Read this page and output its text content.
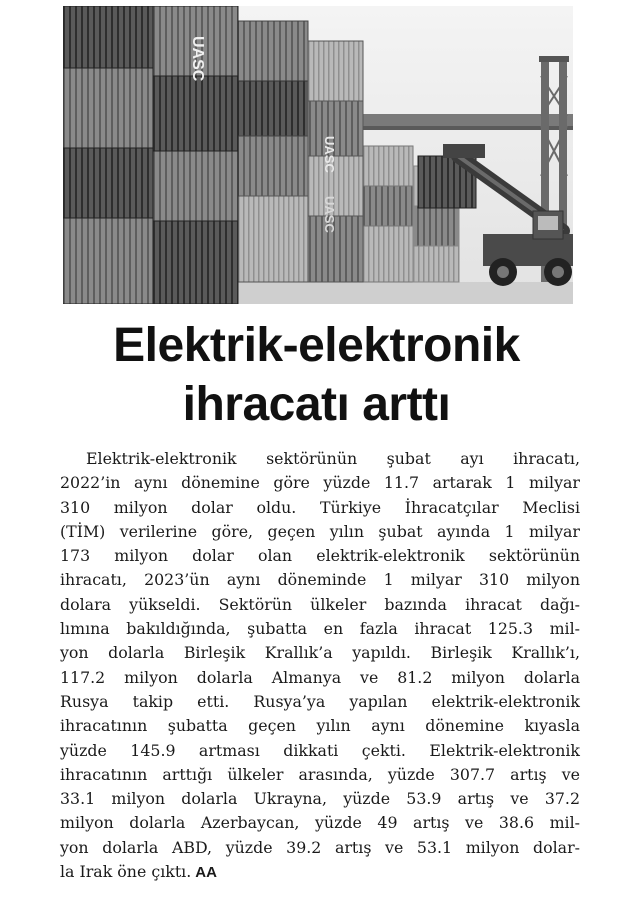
UASC
UASC
UASC
Elektrik-elektronik
ihracatı arttı

Elektrik-elektronik sektörünün şubat ayı ihracatı,
2022’in aynı dönemine göre yüzde 11.7 artarak 1 milyar
310 milyon dolar oldu. Türkiye İhracatçılar Meclisi
(TİM) verilerine göre, geçen yılın şubat ayında 1 milyar
173 milyon dolar olan elektrik-elektronik sektörünün
ihracatı, 2023’ün aynı döneminde 1 milyar 310 milyon
dolara yükseldi. Sektörün ülkeler bazında ihracat dağı-
lımına bakıldığında, şubatta en fazla ihracat 125.3 mil-
yon dolarla Birleşik Krallık’a yapıldı. Birleşik Krallık’ı,
117.2 milyon dolarla Almanya ve 81.2 milyon dolarla
Rusya takip etti. Rusya’ya yapılan elektrik-elektronik
ihracatının şubatta geçen yılın aynı dönemine kıyasla
yüzde 145.9 artması dikkati çekti. Elektrik-elektronik
ihracatının arttığı ülkeler arasında, yüzde 307.7 artış ve
33.1 milyon dolarla Ukrayna, yüzde 53.9 artış ve 37.2
milyon dolarla Azerbaycan, yüzde 49 artış ve 38.6 mil-
yon dolarla ABD, yüzde 39.2 artış ve 53.1 milyon dolar-
la Irak öne çıktı. AA
